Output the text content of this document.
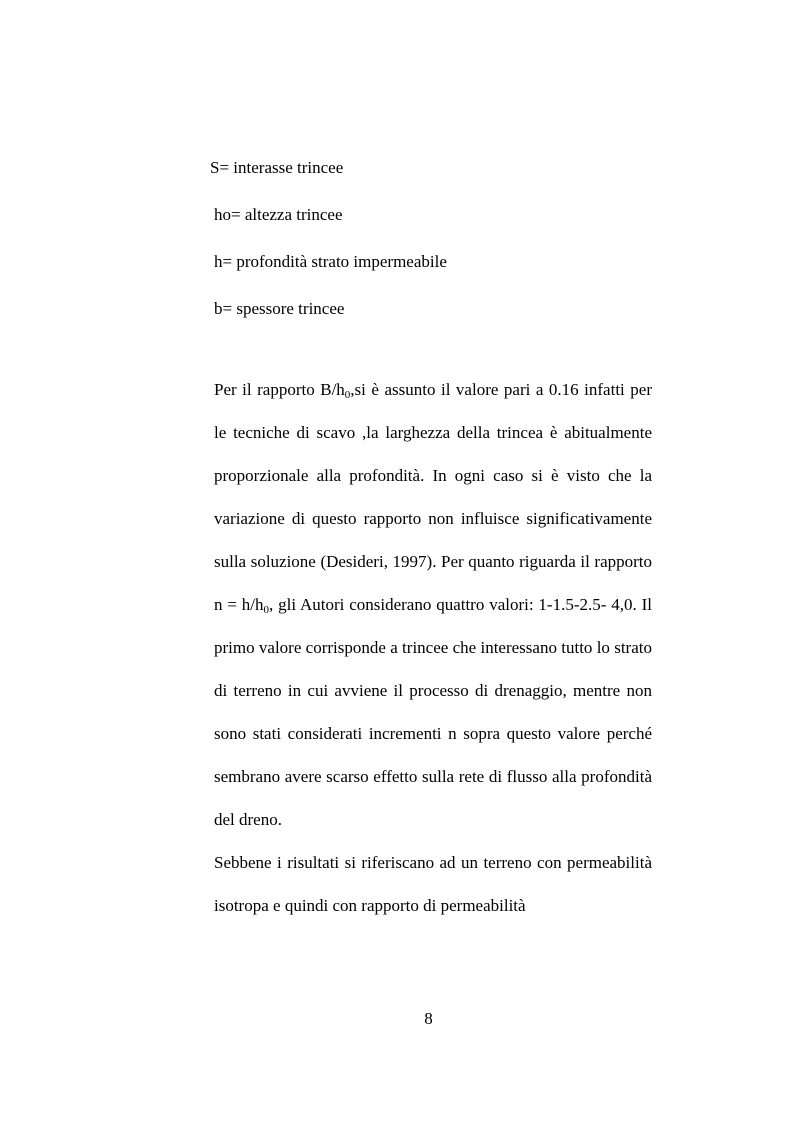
S= interasse trincee
ho= altezza trincee
h= profondità strato impermeabile
b= spessore trincee

Per il rapporto $B/h_0,si$ è assunto il valore pari a 0.16 infatti per le tecniche di scavo ,la larghezza della trincea è abitualmente proporzionale alla profondità. In ogni caso si è visto che la variazione di questo rapporto non influisce significativamente sulla soluzione (Desideri, 1997). Per quanto riguarda il rapporto $n = h/h_0$, gli Autori considerano quattro valori: 1-1.5-2.5- 4,0. Il primo valore corrisponde a trincee che interessano tutto lo strato di terreno in cui avviene il processo di drenaggio, mentre non sono stati considerati incrementi n sopra questo valore perché sembrano avere scarso effetto sulla rete di flusso alla profondità del dreno.

Sebbene i risultati si riferiscano ad un terreno con permeabilità isotropa e quindi con rapporto di permeabilità

8
